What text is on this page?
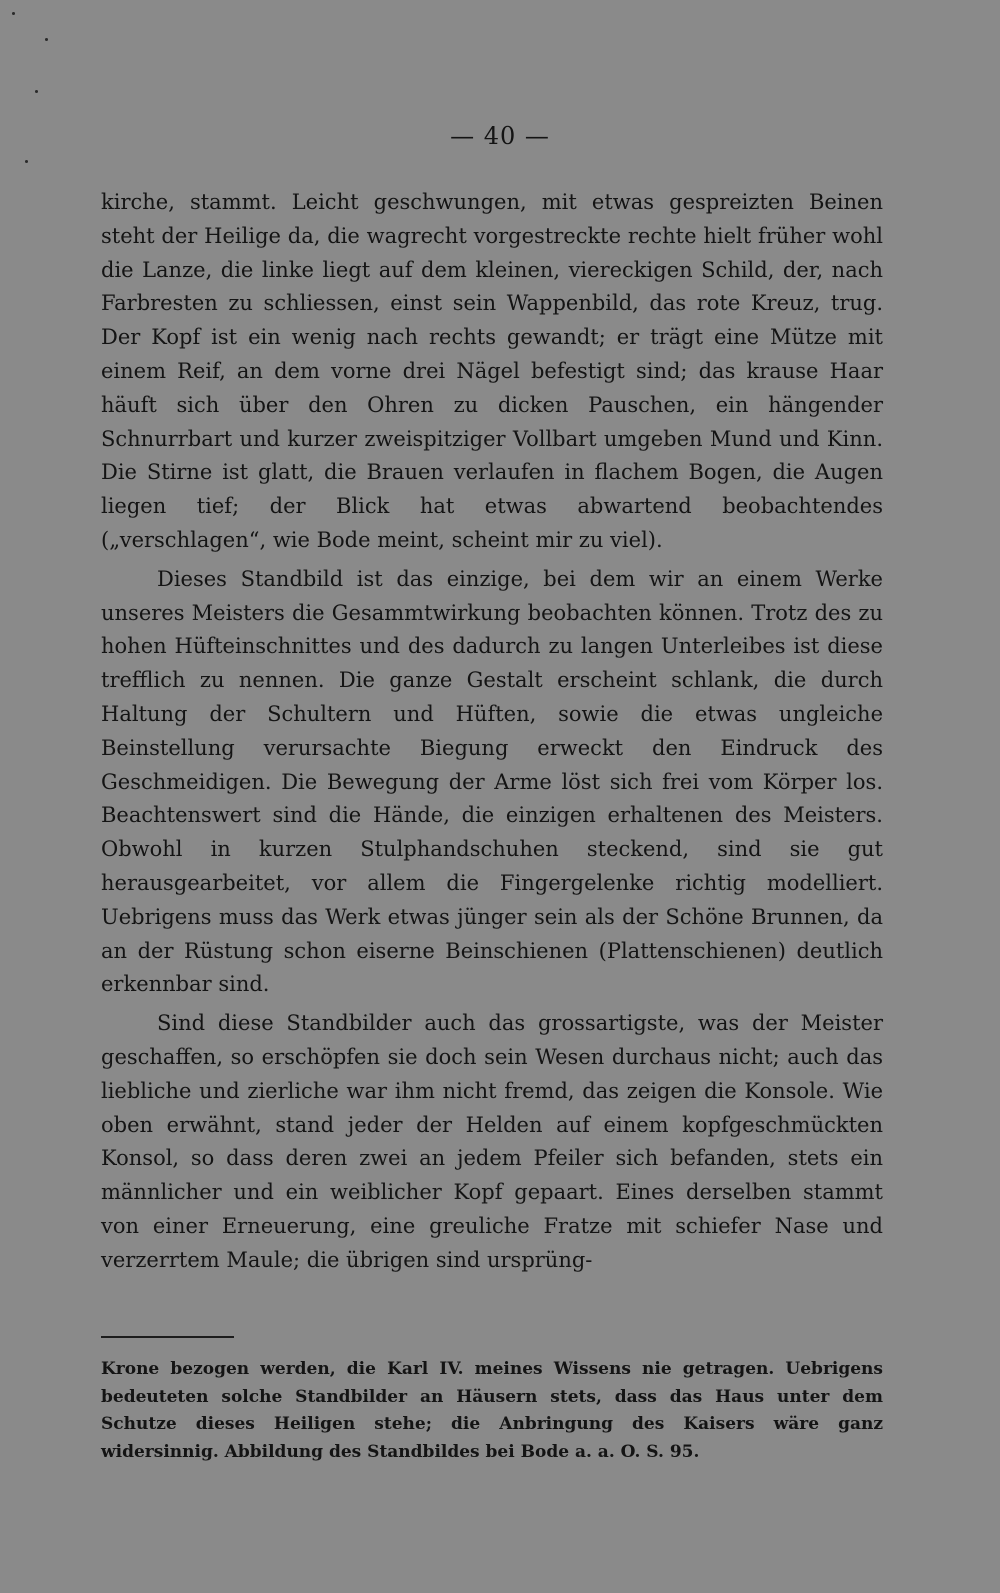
— 40 —

kirche, stammt. Leicht geschwungen, mit etwas gespreizten Beinen steht der Heilige da, die wagrecht vorgestreckte rechte hielt früher wohl die Lanze, die linke liegt auf dem kleinen, viereckigen Schild, der, nach Farbresten zu schliessen, einst sein Wappenbild, das rote Kreuz, trug. Der Kopf ist ein wenig nach rechts gewandt; er trägt eine Mütze mit einem Reif, an dem vorne drei Nägel befestigt sind; das krause Haar häuft sich über den Ohren zu dicken Pauschen, ein hängender Schnurrbart und kurzer zweispitziger Vollbart umgeben Mund und Kinn. Die Stirne ist glatt, die Brauen verlaufen in flachem Bogen, die Augen liegen tief; der Blick hat etwas abwartend beobachtendes („verschlagen“, wie Bode meint, scheint mir zu viel).

Dieses Standbild ist das einzige, bei dem wir an einem Werke unseres Meisters die Gesammtwirkung beobachten können. Trotz des zu hohen Hüfteinschnittes und des dadurch zu langen Unterleibes ist diese trefflich zu nennen. Die ganze Gestalt erscheint schlank, die durch Haltung der Schultern und Hüften, sowie die etwas ungleiche Beinstellung verursachte Biegung erweckt den Eindruck des Geschmeidigen. Die Bewegung der Arme löst sich frei vom Körper los. Beachtenswert sind die Hände, die einzigen erhaltenen des Meisters. Obwohl in kurzen Stulphandschuhen steckend, sind sie gut herausgearbeitet, vor allem die Fingergelenke richtig modelliert. Uebrigens muss das Werk etwas jünger sein als der Schöne Brunnen, da an der Rüstung schon eiserne Beinschienen (Plattenschienen) deutlich erkennbar sind.

Sind diese Standbilder auch das grossartigste, was der Meister geschaffen, so erschöpfen sie doch sein Wesen durchaus nicht; auch das liebliche und zierliche war ihm nicht fremd, das zeigen die Konsole. Wie oben erwähnt, stand jeder der Helden auf einem kopfgeschmückten Konsol, so dass deren zwei an jedem Pfeiler sich befanden, stets ein männlicher und ein weiblicher Kopf gepaart. Eines derselben stammt von einer Erneuerung, eine greuliche Fratze mit schiefer Nase und verzerrtem Maule; die übrigen sind ursprüng-

Krone bezogen werden, die Karl IV. meines Wissens nie getragen. Uebrigens bedeuteten solche Standbilder an Häusern stets, dass das Haus unter dem Schutze dieses Heiligen stehe; die Anbringung des Kaisers wäre ganz widersinnig. Abbildung des Standbildes bei Bode a. a. O. S. 95.
